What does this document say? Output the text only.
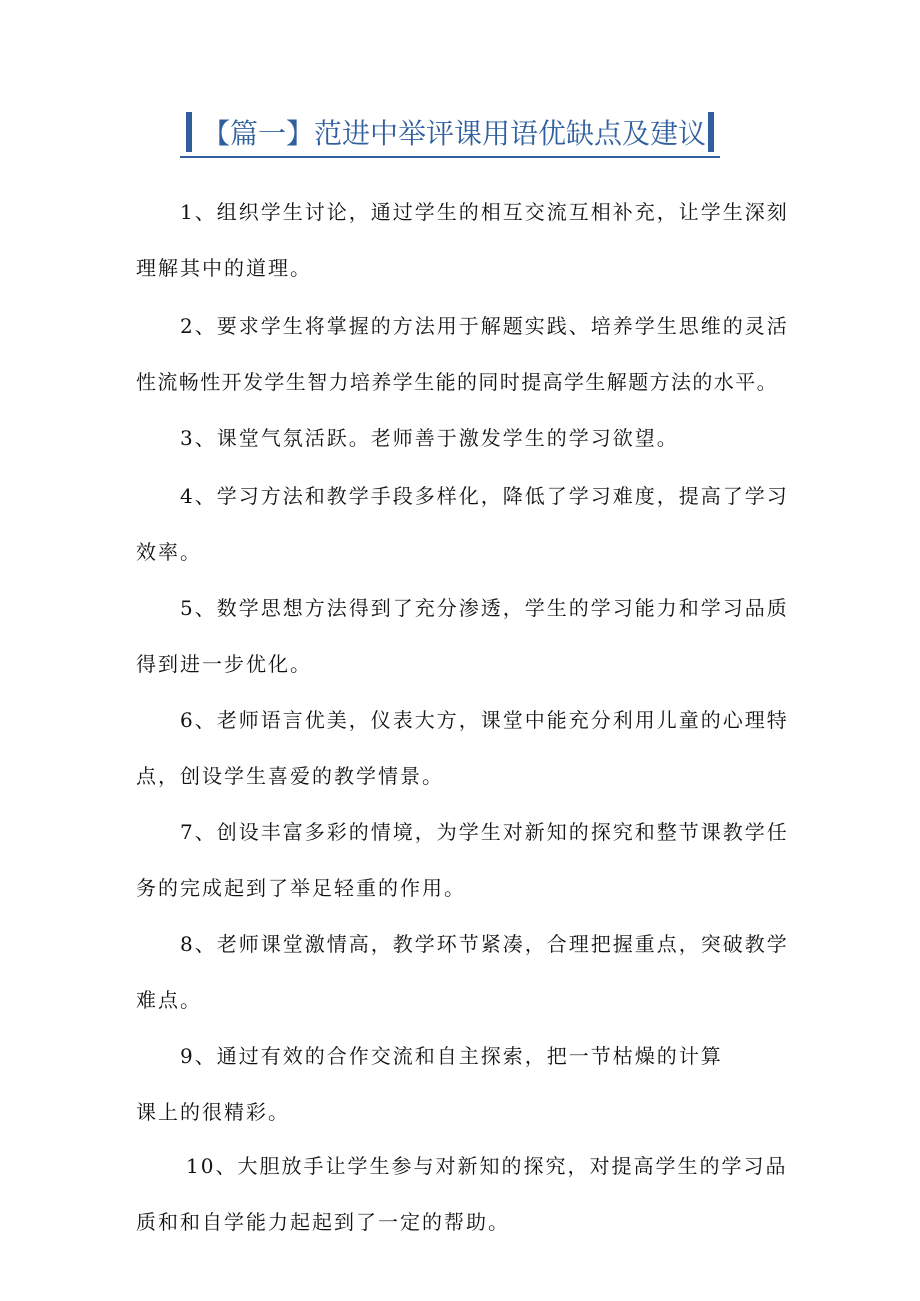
【篇一】范进中举评课用语优缺点及建议

1、组织学生讨论，通过学生的相互交流互相补充，让学生深刻
理解其中的道理。

2、要求学生将掌握的方法用于解题实践、培养学生思维的灵活
性流畅性开发学生智力培养学生能的同时提高学生解题方法的水平。

3、课堂气氛活跃。老师善于激发学生的学习欲望。

4、学习方法和教学手段多样化，降低了学习难度，提高了学习
效率。

5、数学思想方法得到了充分渗透，学生的学习能力和学习品质
得到进一步优化。

6、老师语言优美，仪表大方，课堂中能充分利用儿童的心理特
点，创设学生喜爱的教学情景。

7、创设丰富多彩的情境，为学生对新知的探究和整节课教学任
务的完成起到了举足轻重的作用。

8、老师课堂激情高，教学环节紧凑，合理把握重点，突破教学
难点。

9、通过有效的合作交流和自主探索，把一节枯燥的计算
课上的很精彩。

10、大胆放手让学生参与对新知的探究，对提高学生的学习品
质和和自学能力起起到了一定的帮助。
